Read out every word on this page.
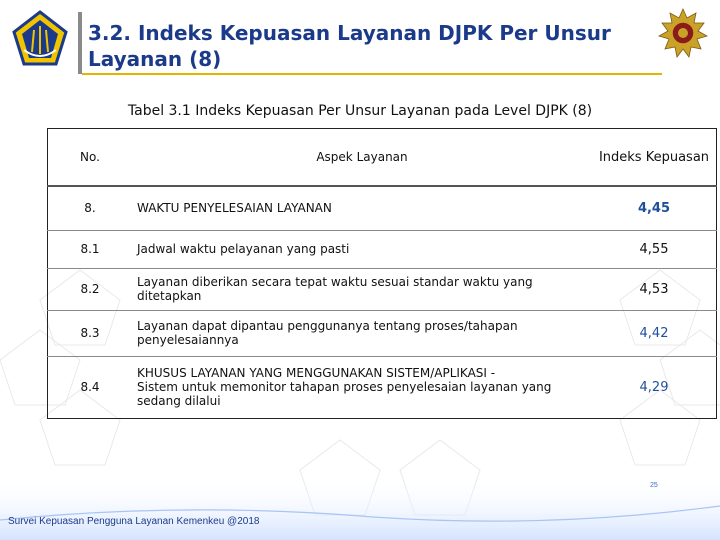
3.2. Indeks Kepuasan Layanan DJPK Per Unsur Layanan (8)
Tabel 3.1 Indeks Kepuasan Per Unsur Layanan pada Level DJPK (8)
No.	Aspek Layanan	Indeks Kepuasan
8.	WAKTU PENYELESAIAN LAYANAN	4,45
8.1	Jadwal waktu pelayanan yang pasti	4,55
8.2	Layanan diberikan secara tepat waktu sesuai standar waktu yang ditetapkan	4,53
8.3	Layanan dapat dipantau penggunanya tentang proses/tahapan penyelesaiannya	4,42
8.4	KHUSUS LAYANAN YANG MENGGUNAKAN SISTEM/APLIKASI -
Sistem untuk memonitor tahapan proses penyelesaian layanan yang sedang dilalui	4,29
Survei Kepuasan Pengguna Layanan Kemenkeu @2018
25
